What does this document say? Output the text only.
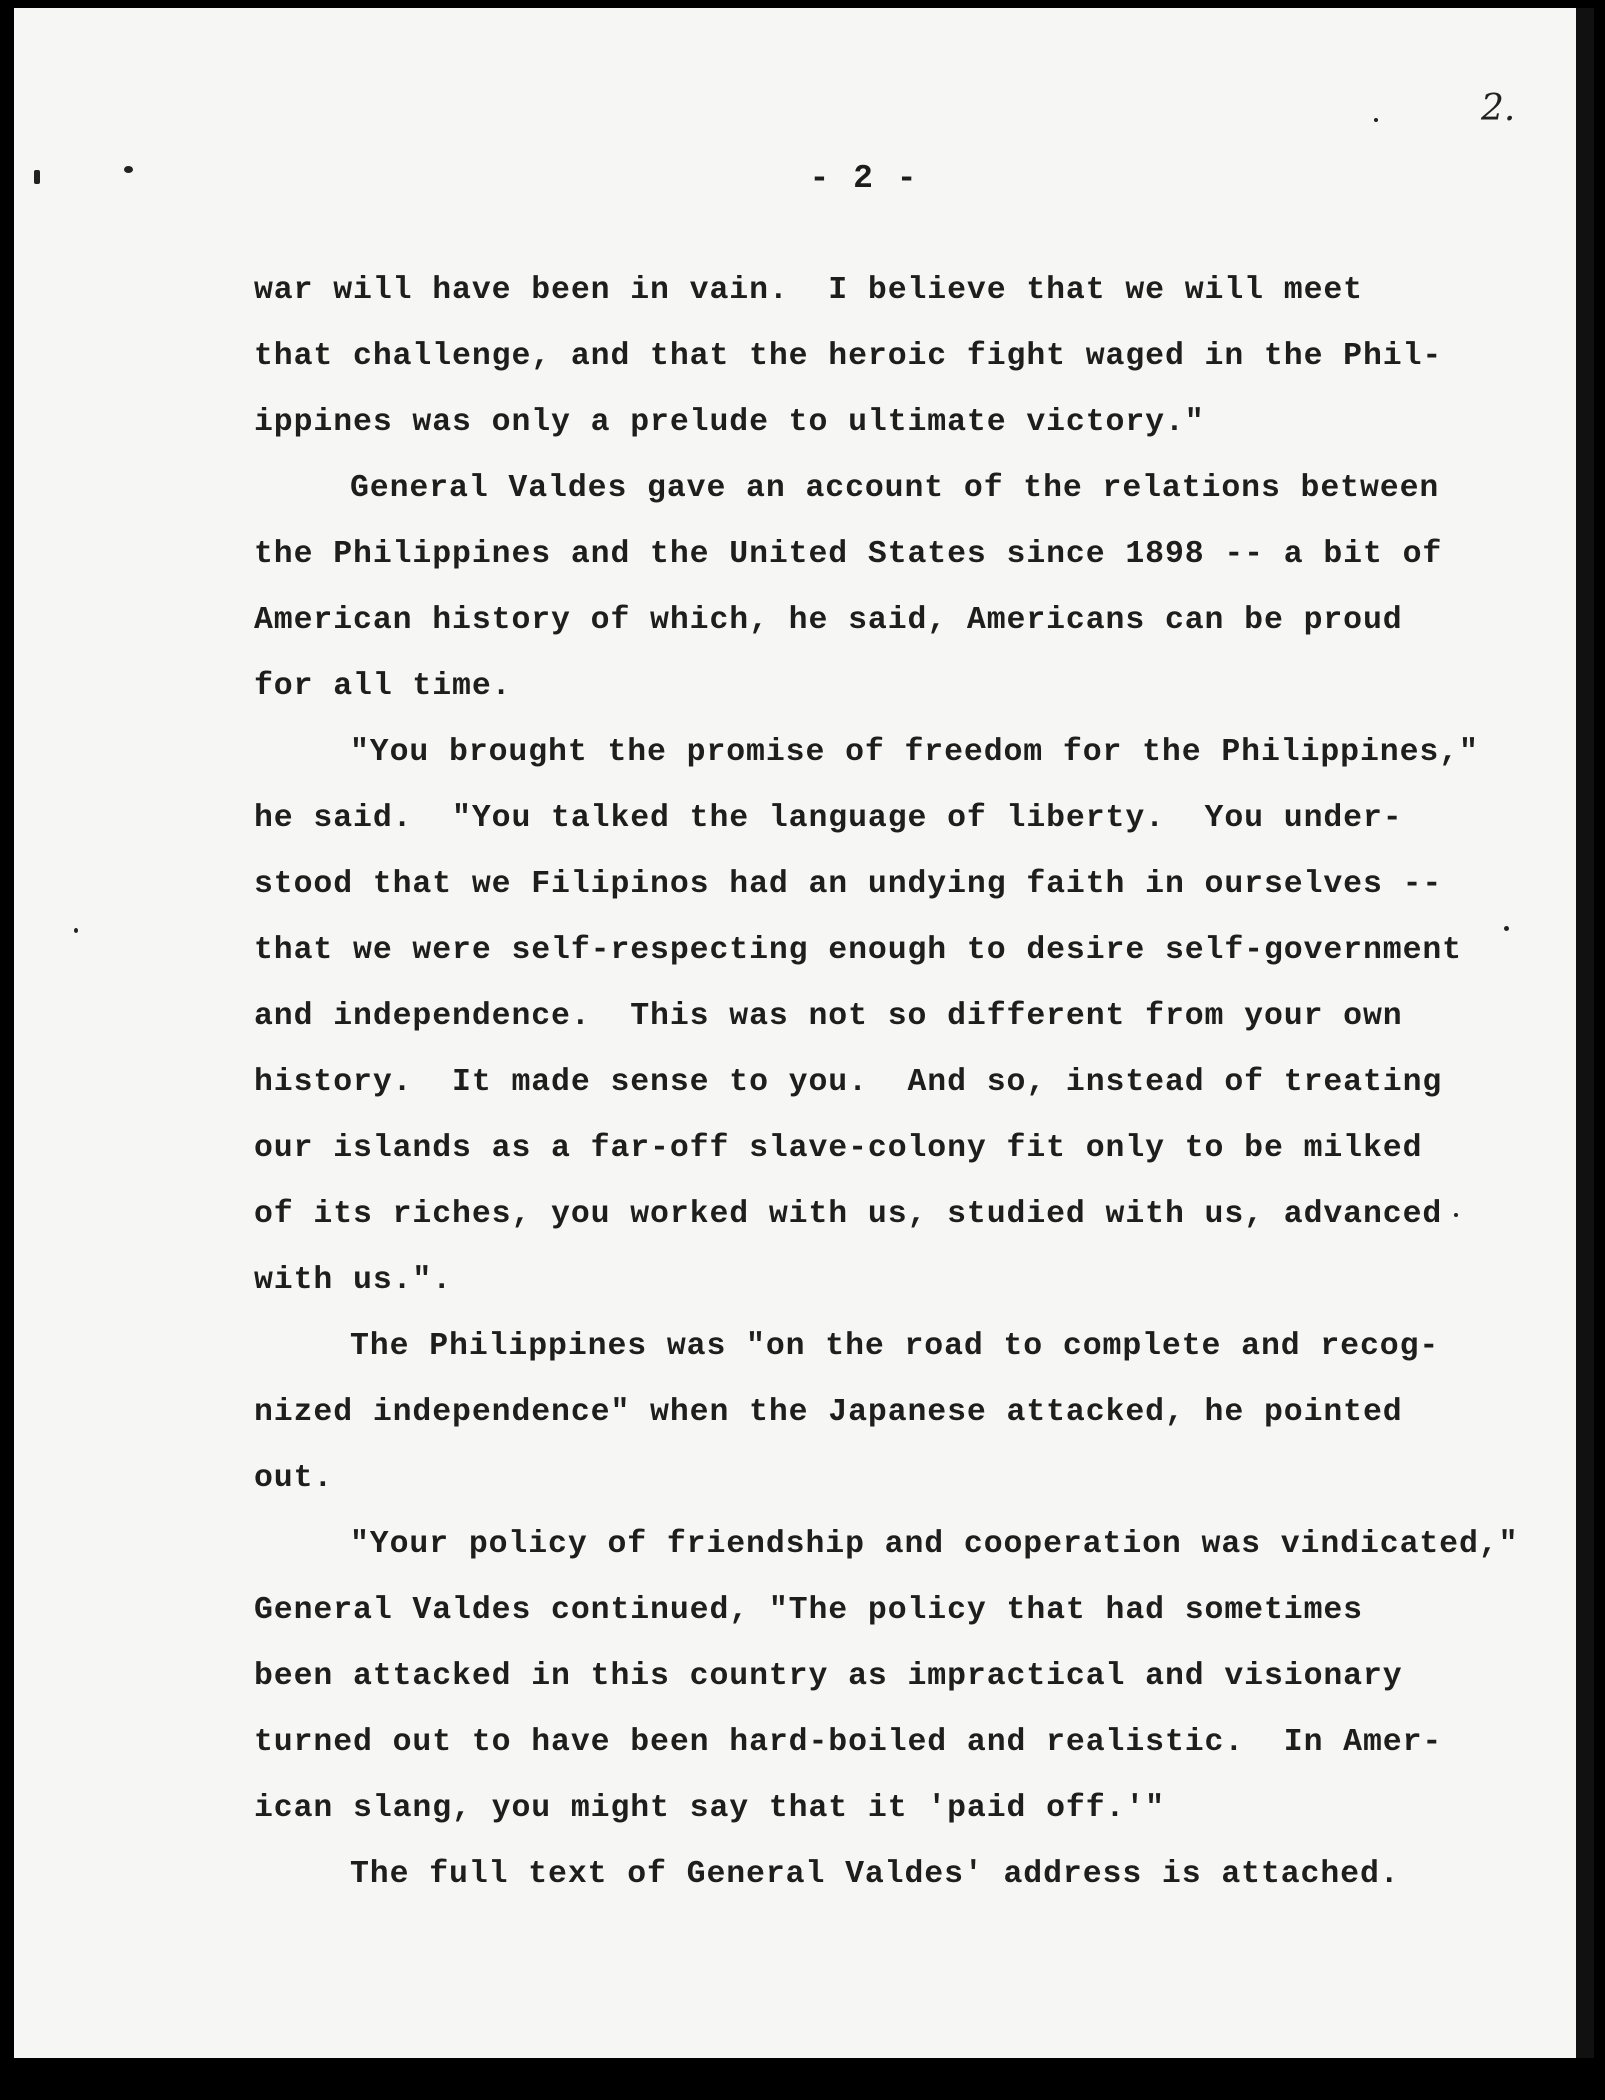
2.
- 2 -
war will have been in vain.  I believe that we will meet
that challenge, and that the heroic fight waged in the Phil-
ippines was only a prelude to ultimate victory."
General Valdes gave an account of the relations between
the Philippines and the United States since 1898 -- a bit of
American history of which, he said, Americans can be proud
for all time.
"You brought the promise of freedom for the Philippines,"
he said.  "You talked the language of liberty.  You under-
stood that we Filipinos had an undying faith in ourselves --
that we were self-respecting enough to desire self-government
and independence.  This was not so different from your own
history.  It made sense to you.  And so, instead of treating
our islands as a far-off slave-colony fit only to be milked
of its riches, you worked with us, studied with us, advanced
with us.".
The Philippines was "on the road to complete and recog-
nized independence" when the Japanese attacked, he pointed
out.
"Your policy of friendship and cooperation was vindicated,"
General Valdes continued, "The policy that had sometimes
been attacked in this country as impractical and visionary
turned out to have been hard-boiled and realistic.  In Amer-
ican slang, you might say that it 'paid off.'"
The full text of General Valdes' address is attached.
